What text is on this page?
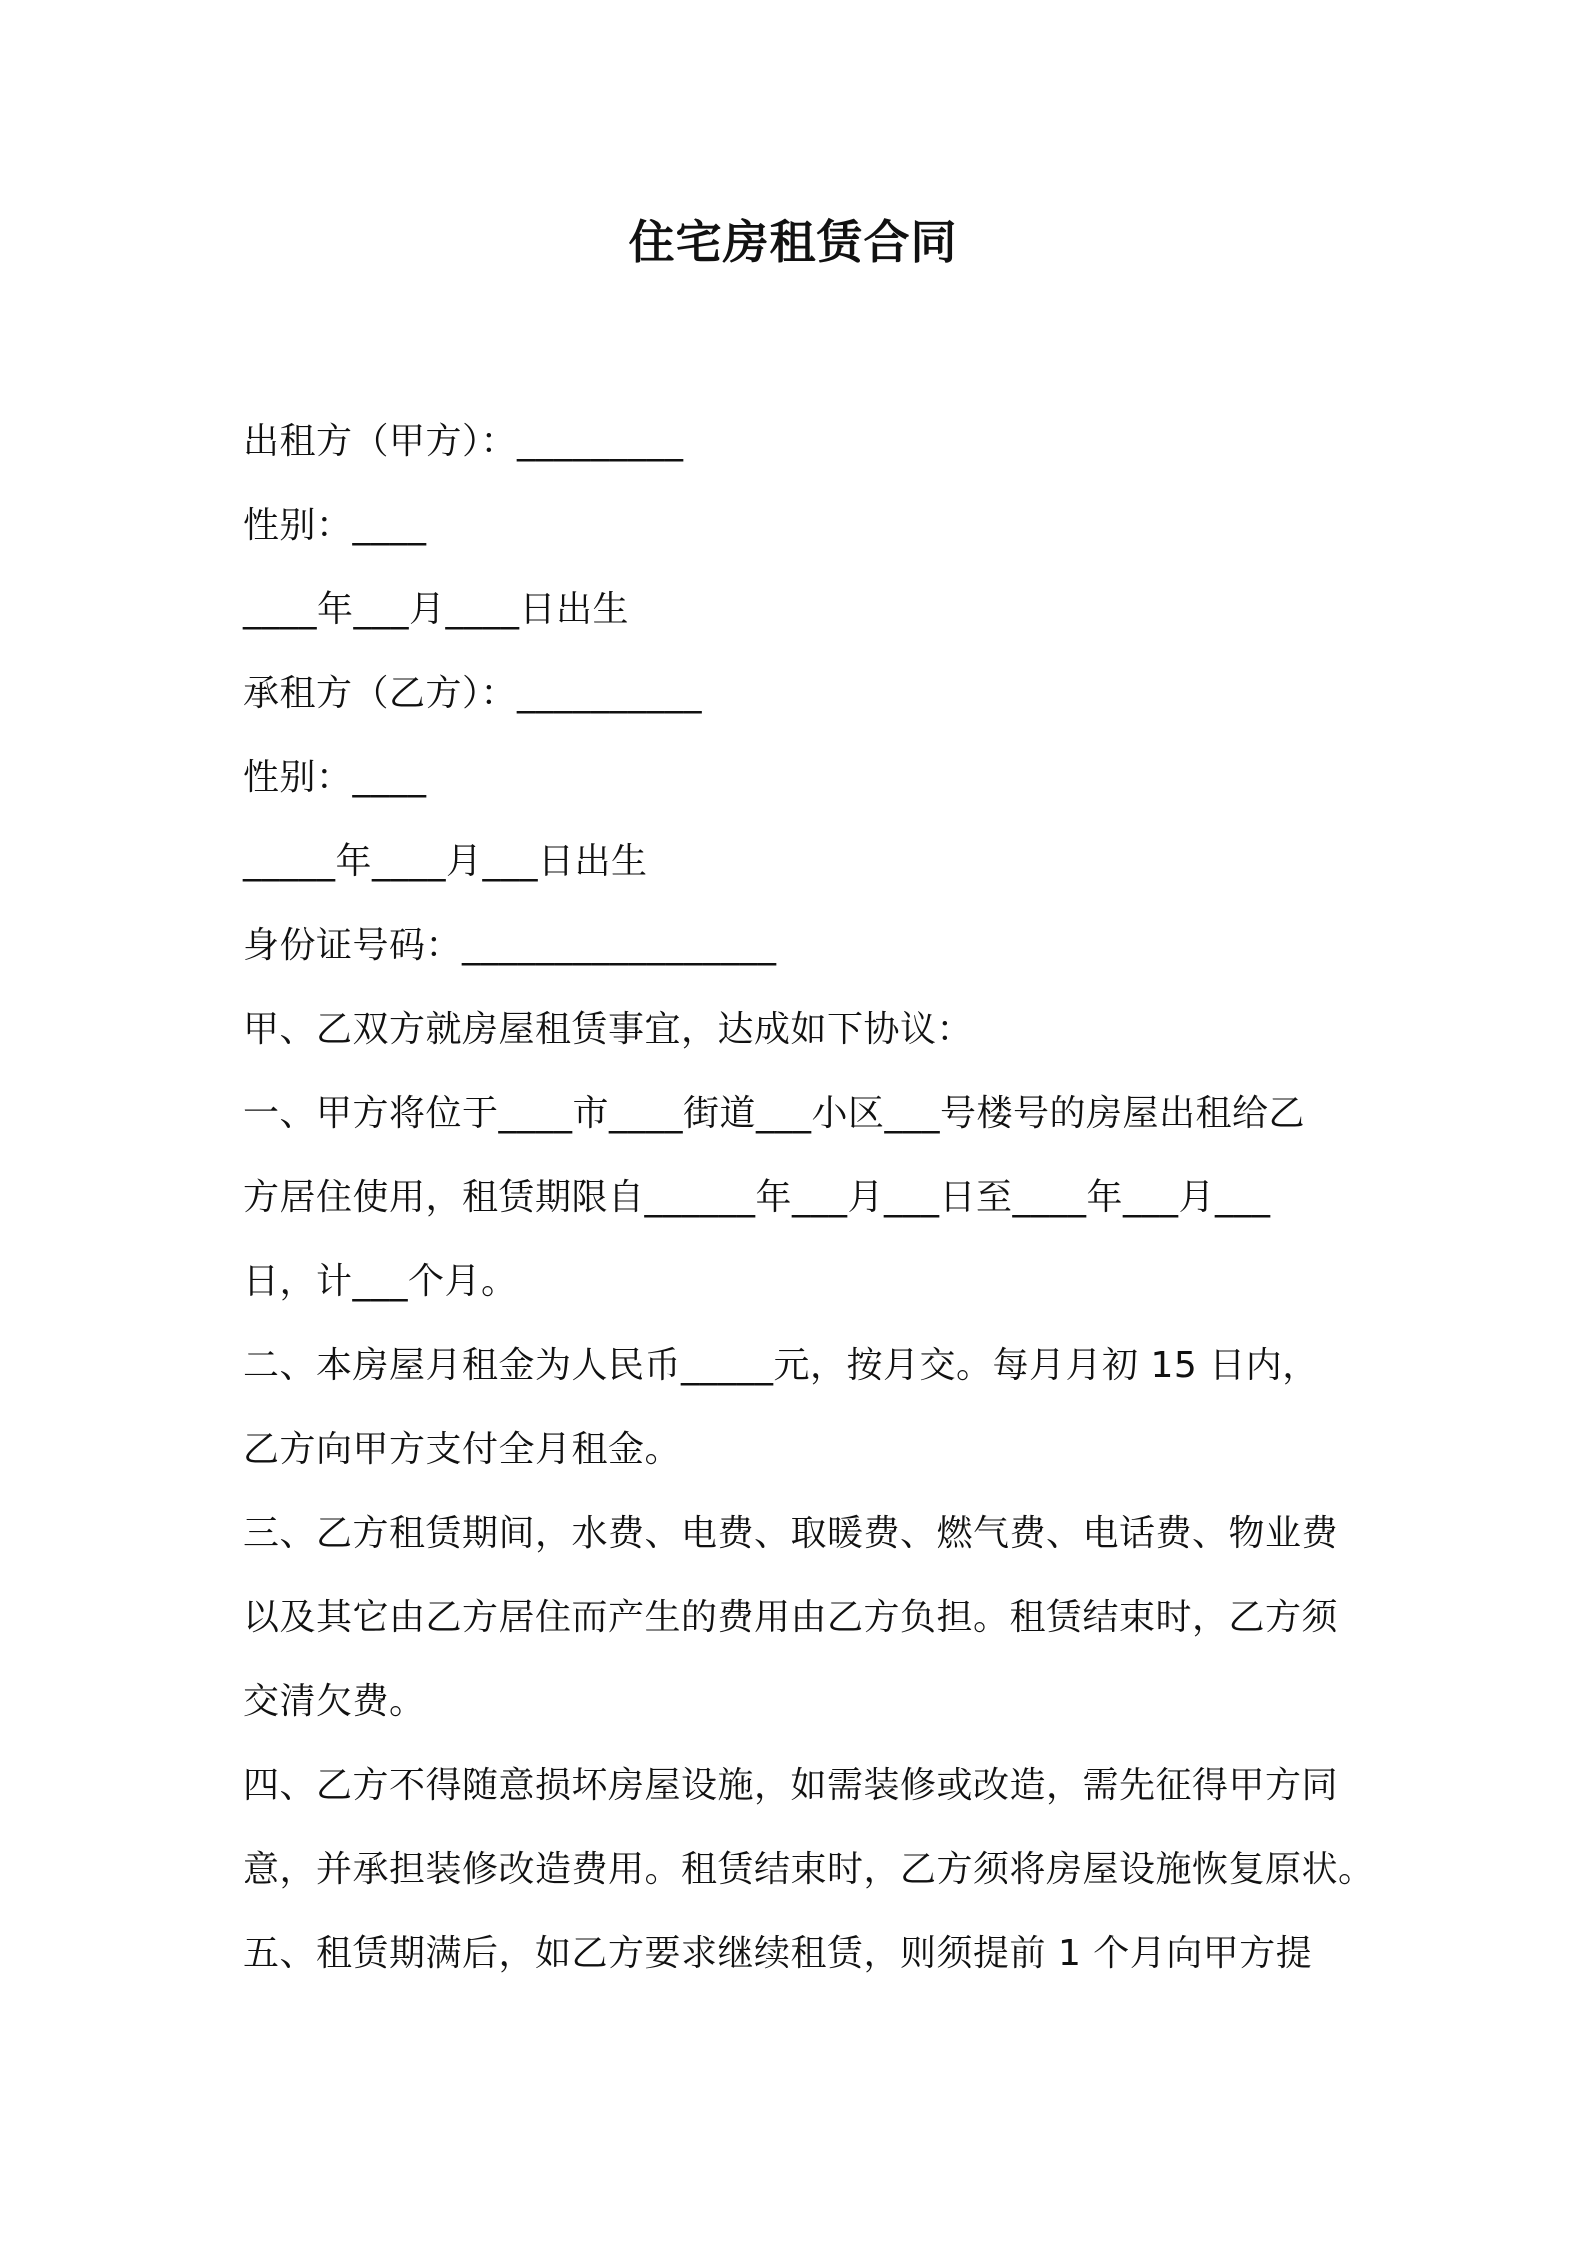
住宅房租赁合同
出租方（甲方）：_________
性别：____
____年___月____日出生
承租方（乙方）：__________
性别：____
_____年____月___日出生
身份证号码：_________________
甲、乙双方就房屋租赁事宜，达成如下协议：
一、甲方将位于____市____街道___小区___号楼号的房屋出租给乙
方居住使用，租赁期限自______年___月___日至____年___月___
日，计___个月。
二、本房屋月租金为人民币_____元，按月交。每月月初 15 日内，
乙方向甲方支付全月租金。
三、乙方租赁期间，水费、电费、取暖费、燃气费、电话费、物业费
以及其它由乙方居住而产生的费用由乙方负担。租赁结束时，乙方须
交清欠费。
四、乙方不得随意损坏房屋设施，如需装修或改造，需先征得甲方同
意，并承担装修改造费用。租赁结束时，乙方须将房屋设施恢复原状。
五、租赁期满后，如乙方要求继续租赁，则须提前 1 个月向甲方提
